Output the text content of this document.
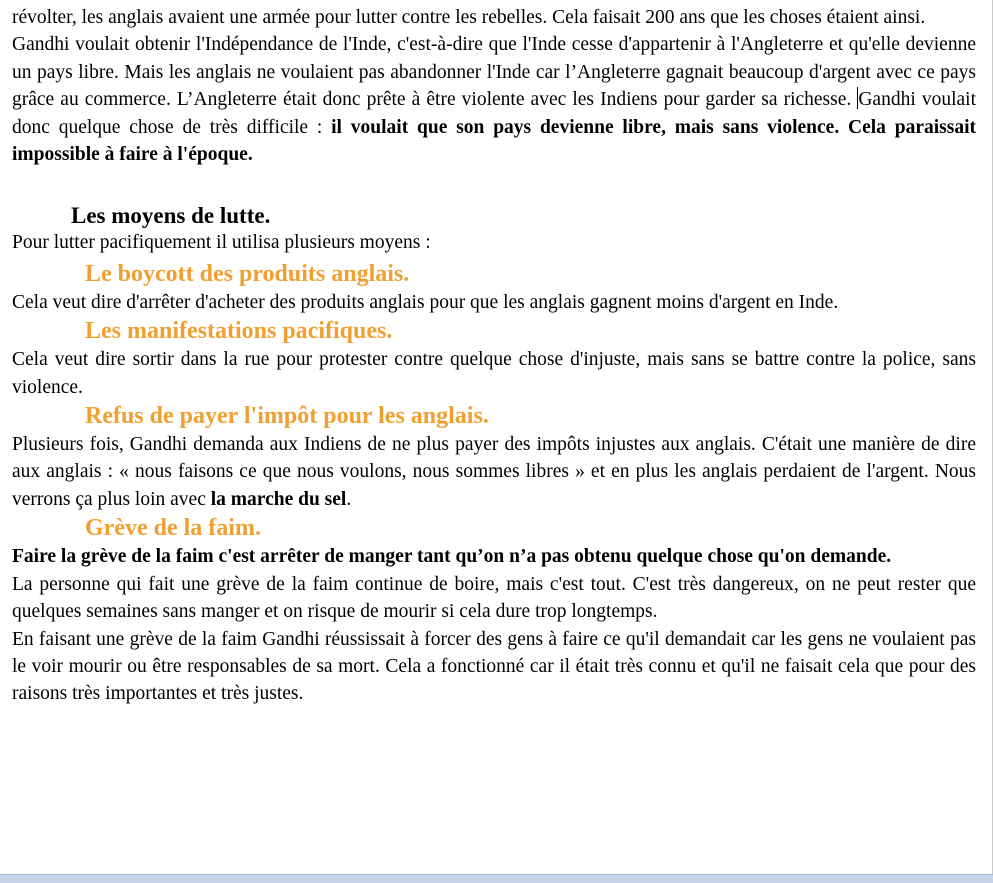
révolter, les anglais avaient une armée pour lutter contre les rebelles. Cela faisait 200 ans que les choses étaient ainsi.

Gandhi voulait obtenir l'Indépendance de l'Inde, c'est-à-dire que l'Inde cesse d'appartenir à l'Angleterre et qu'elle devienne un pays libre. Mais les anglais ne voulaient pas abandonner l'Inde car l’Angleterre gagnait beaucoup d'argent avec ce pays grâce au commerce. L’Angleterre était donc prête à être violente avec les Indiens pour garder sa richesse. Gandhi voulait donc quelque chose de très difficile : il voulait que son pays devienne libre, mais sans violence. Cela paraissait impossible à faire à l'époque.

Les moyens de lutte.

Pour lutter pacifiquement il utilisa plusieurs moyens :

Le boycott des produits anglais.

Cela veut dire d'arrêter d'acheter des produits anglais pour que les anglais gagnent moins d'argent en Inde.

Les manifestations pacifiques.

Cela veut dire sortir dans la rue pour protester contre quelque chose d'injuste, mais sans se battre contre la police, sans violence.

Refus de payer l'impôt pour les anglais.

Plusieurs fois, Gandhi demanda aux Indiens de ne plus payer des impôts injustes aux anglais. C'était une manière de dire aux anglais : « nous faisons ce que nous voulons, nous sommes libres » et en plus les anglais perdaient de l'argent. Nous verrons ça plus loin avec la marche du sel.

Grève de la faim.

Faire la grève de la faim c'est arrêter de manger tant qu’on n’a pas obtenu quelque chose qu'on demande.

La personne qui fait une grève de la faim continue de boire, mais c'est tout. C'est très dangereux, on ne peut rester que quelques semaines sans manger et on risque de mourir si cela dure trop longtemps.

En faisant une grève de la faim Gandhi réussissait à forcer des gens à faire ce qu'il demandait car les gens ne voulaient pas le voir mourir ou être responsables de sa mort. Cela a fonctionné car il était très connu et qu'il ne faisait cela que pour des raisons très importantes et très justes.
